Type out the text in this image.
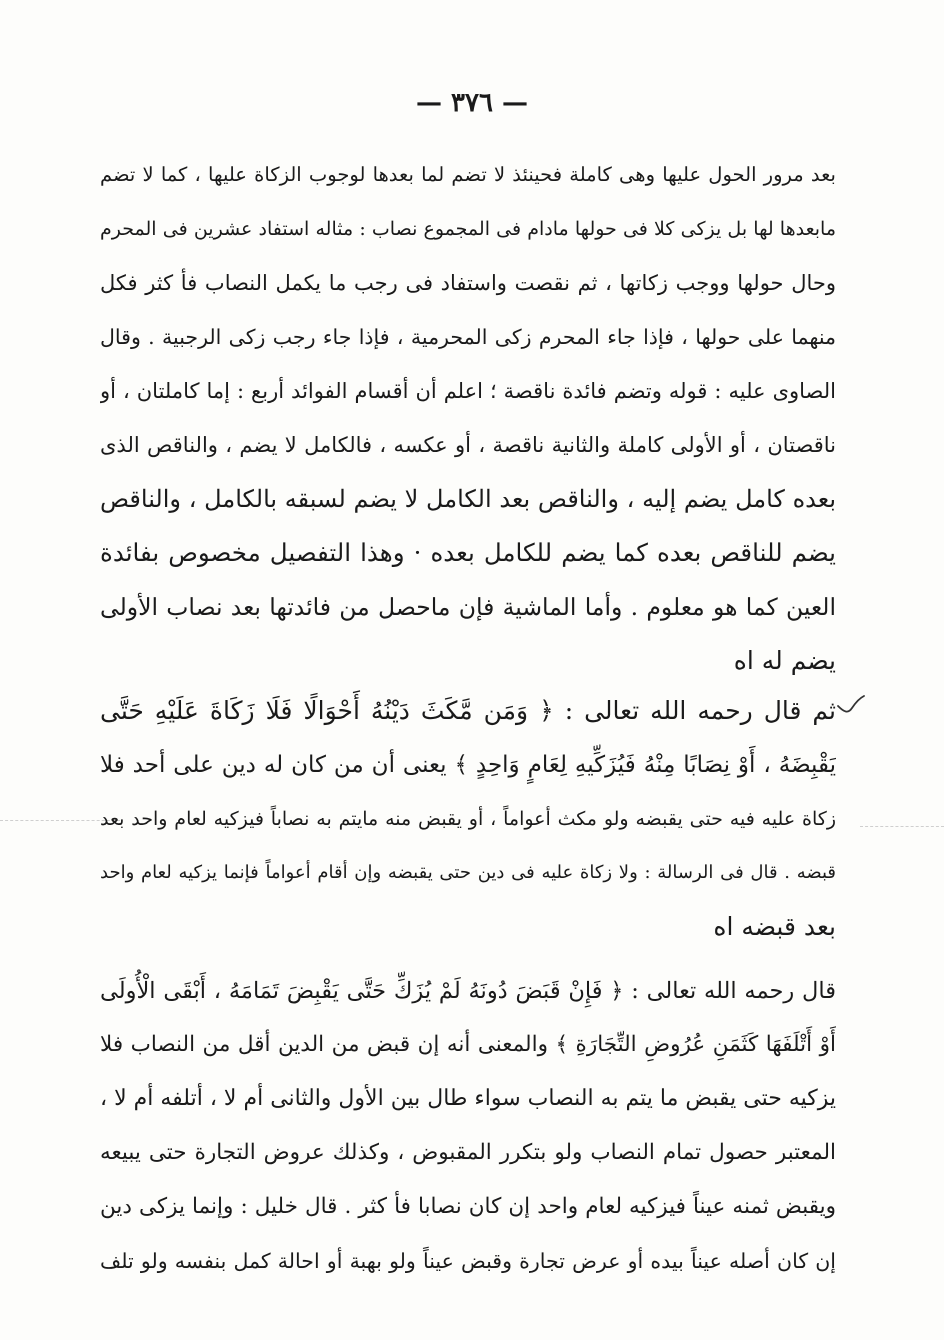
— ٣٧٦ —
بعد مرور الحول عليها وهى كاملة فحينئذ لا تضم لما بعدها لوجوب الزكاة عليها ، كما لا تضم
مابعدها لها بل يزكى كلا فى حولها مادام فى المجموع نصاب : مثاله استفاد عشرين فى المحرم
وحال حولها ووجب زكاتها ، ثم نقصت واستفاد فى رجب ما يكمل النصاب فأ كثر فكل
منهما على حولها ، فإذا جاء المحرم زكى المحرمية ، فإذا جاء رجب زكى الرجبية . وقال
الصاوى عليه : قوله وتضم فائدة ناقصة ؛ اعلم أن أقسام الفوائد أربع : إما كاملتان ، أو
ناقصتان ، أو الأولى كاملة والثانية ناقصة ، أو عكسه ، فالكامل لا يضم ، والناقص الذى
بعده كامل يضم إليه ، والناقص بعد الكامل لا يضم لسبقه بالكامل ، والناقص
يضم للناقص بعده كما يضم للكامل بعده · وهذا التفصيل مخصوص بفائدة
العين كما هو معلوم . وأما الماشية فإن ماحصل من فائدتها بعد نصاب الأولى
يضم له اه
ثم قال رحمه الله تعالى : ﴿ وَمَن مَّكَثَ دَيْنُهُ أَحْوَالًا فَلَا زَكَاةَ عَلَيْهِ حَتَّى
يَقْبِضَهُ ، أَوْ نِصَابًا مِنْهُ فَيُزَكِّيهِ لِعَامٍ وَاحِدٍ ﴾ يعنى أن من كان له دين على أحد فلا
زكاة عليه فيه حتى يقبضه ولو مكث أعواماً ، أو يقبض منه مايتم به نصاباً فيزكيه لعام واحد بعد
قبضه . قال فى الرسالة : ولا زكاة عليه فى دين حتى يقبضه وإن أقام أعواماً فإنما يزكيه لعام واحد
بعد قبضه اه
قال رحمه الله تعالى : ﴿ فَإِنْ قَبَضَ دُونَهُ لَمْ يُزَكِّ حَتَّى يَقْبِضَ تَمَامَهُ ، أَبْقَى الْأُولَى
أَوْ أَتْلَفَهَا كَثَمَنِ عُرُوضِ التِّجَارَةِ ﴾ والمعنى أنه إن قبض من الدين أقل من النصاب فلا
يزكيه حتى يقبض ما يتم به النصاب سواء طال بين الأول والثانى أم لا ، أتلفه أم لا ،
المعتبر حصول تمام النصاب ولو بتكرر المقبوض ، وكذلك عروض التجارة حتى يبيعه
ويقبض ثمنه عيناً فيزكيه لعام واحد إن كان نصابا فأ كثر . قال خليل : وإنما يزكى دين
إن كان أصله عيناً بيده أو عرض تجارة وقبض عيناً ولو بهبة أو احالة كمل بنفسه ولو تلف
